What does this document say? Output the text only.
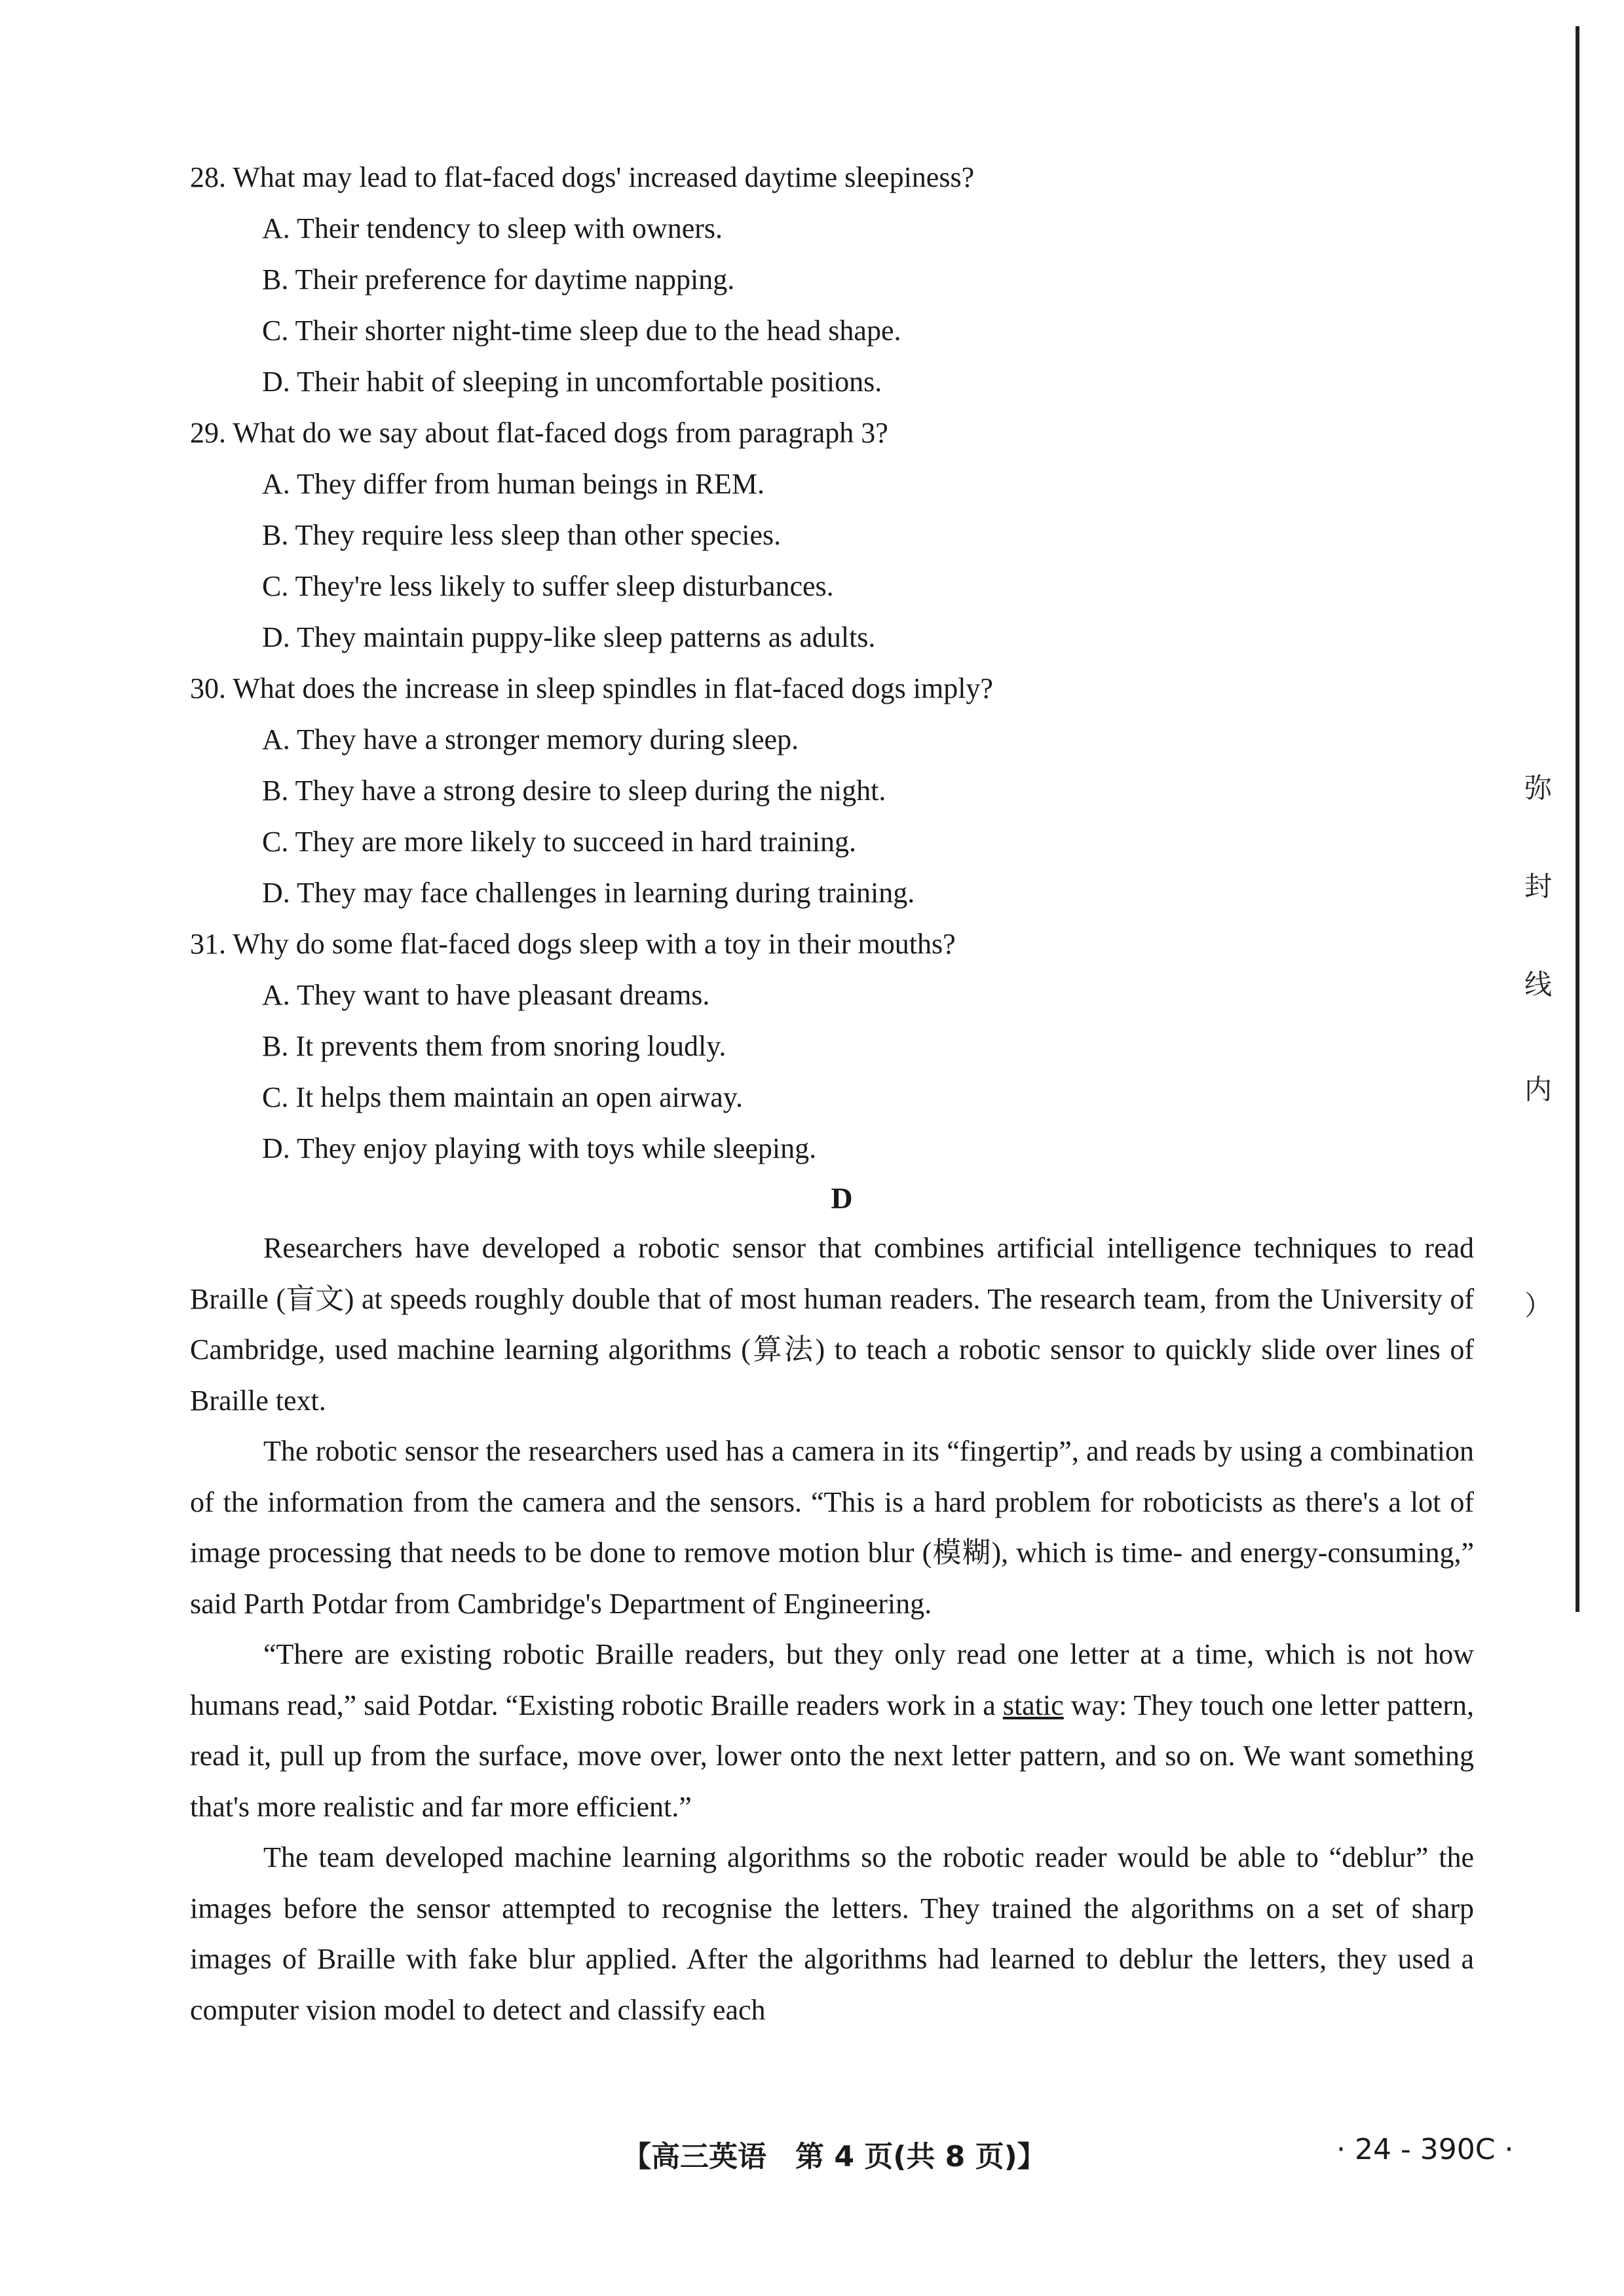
弥
封
线
内
）

28. What may lead to flat-faced dogs' increased daytime sleepiness?

A. Their tendency to sleep with owners.

B. Their preference for daytime napping.

C. Their shorter night-time sleep due to the head shape.

D. Their habit of sleeping in uncomfortable positions.

29. What do we say about flat-faced dogs from paragraph 3?

A. They differ from human beings in REM.

B. They require less sleep than other species.

C. They're less likely to suffer sleep disturbances.

D. They maintain puppy-like sleep patterns as adults.

30. What does the increase in sleep spindles in flat-faced dogs imply?

A. They have a stronger memory during sleep.

B. They have a strong desire to sleep during the night.

C. They are more likely to succeed in hard training.

D. They may face challenges in learning during training.

31. Why do some flat-faced dogs sleep with a toy in their mouths?

A. They want to have pleasant dreams.

B. It prevents them from snoring loudly.

C. It helps them maintain an open airway.

D. They enjoy playing with toys while sleeping.

D

Researchers have developed a robotic sensor that combines artificial intelligence techniques to read Braille (盲文) at speeds roughly double that of most human readers. The research team, from the University of Cambridge, used machine learning algorithms (算法) to teach a robotic sensor to quickly slide over lines of Braille text.

The robotic sensor the researchers used has a camera in its “fingertip”, and reads by using a combination of the information from the camera and the sensors. “This is a hard problem for roboticists as there's a lot of image processing that needs to be done to remove motion blur (模糊), which is time- and energy-consuming,” said Parth Potdar from Cambridge's Department of Engineering.

“There are existing robotic Braille readers, but they only read one letter at a time, which is not how humans read,” said Potdar. “Existing robotic Braille readers work in a static way: They touch one letter pattern, read it, pull up from the surface, move over, lower onto the next letter pattern, and so on. We want something that's more realistic and far more efficient.”

The team developed machine learning algorithms so the robotic reader would be able to “deblur” the images before the sensor attempted to recognise the letters. They trained the algorithms on a set of sharp images of Braille with fake blur applied. After the algorithms had learned to deblur the letters, they used a computer vision model to detect and classify each

【高三英语　第 4 页(共 8 页)】	· 24 - 390C ·
